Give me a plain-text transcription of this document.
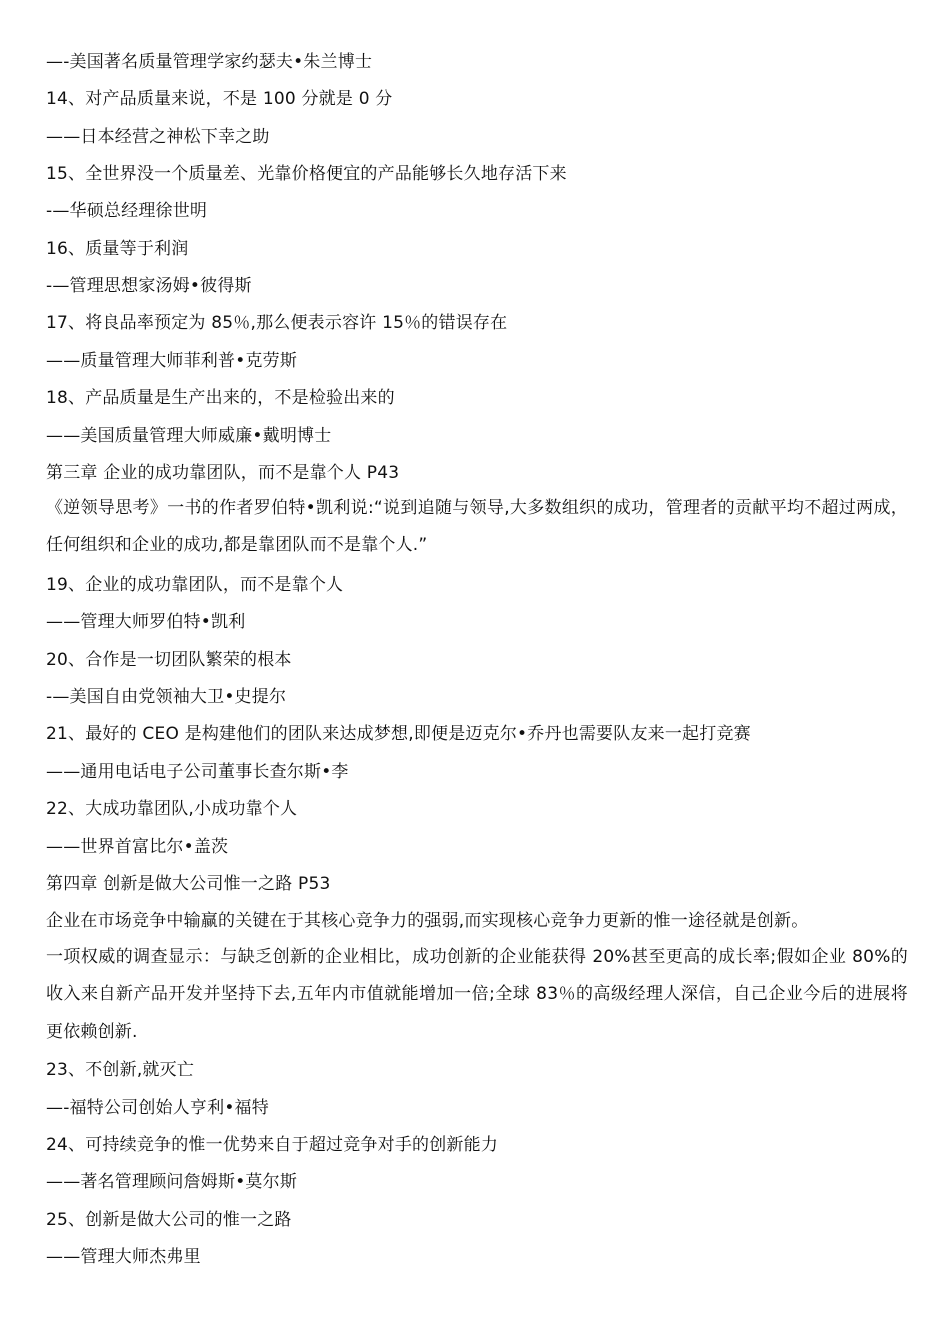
—-美国著名质量管理学家约瑟夫•朱兰博士
14、对产品质量来说，不是 100 分就是 0 分
——日本经营之神松下幸之助
15、全世界没一个质量差、光靠价格便宜的产品能够长久地存活下来
-—华硕总经理徐世明
16、质量等于利润
-—管理思想家汤姆•彼得斯
17、将良品率预定为 85％,那么便表示容许 15％的错误存在
——质量管理大师菲利普•克劳斯
18、产品质量是生产出来的，不是检验出来的
——美国质量管理大师威廉•戴明博士
第三章 企业的成功靠团队，而不是靠个人 P43
《逆领导思考》一书的作者罗伯特•凯利说:“说到追随与领导,大多数组织的成功，管理者的贡献平均不超过两成，任何组织和企业的成功,都是靠团队而不是靠个人.”
19、企业的成功靠团队，而不是靠个人
——管理大师罗伯特•凯利
20、合作是一切团队繁荣的根本
-—美国自由党领袖大卫•史提尔
21、最好的 CEO 是构建他们的团队来达成梦想,即便是迈克尔•乔丹也需要队友来一起打竞赛
——通用电话电子公司董事长查尔斯•李
22、大成功靠团队,小成功靠个人
——世界首富比尔•盖茨
第四章 创新是做大公司惟一之路 P53
企业在市场竞争中输赢的关键在于其核心竞争力的强弱,而实现核心竞争力更新的惟一途径就是创新。
一项权威的调查显示：与缺乏创新的企业相比，成功创新的企业能获得 20%甚至更高的成长率;假如企业 80%的收入来自新产品开发并坚持下去,五年内市值就能增加一倍;全球 83％的高级经理人深信，自己企业今后的进展将更依赖创新.
23、不创新,就灭亡
—-福特公司创始人亨利•福特
24、可持续竞争的惟一优势来自于超过竞争对手的创新能力
——著名管理顾问詹姆斯•莫尔斯
25、创新是做大公司的惟一之路
——管理大师杰弗里
